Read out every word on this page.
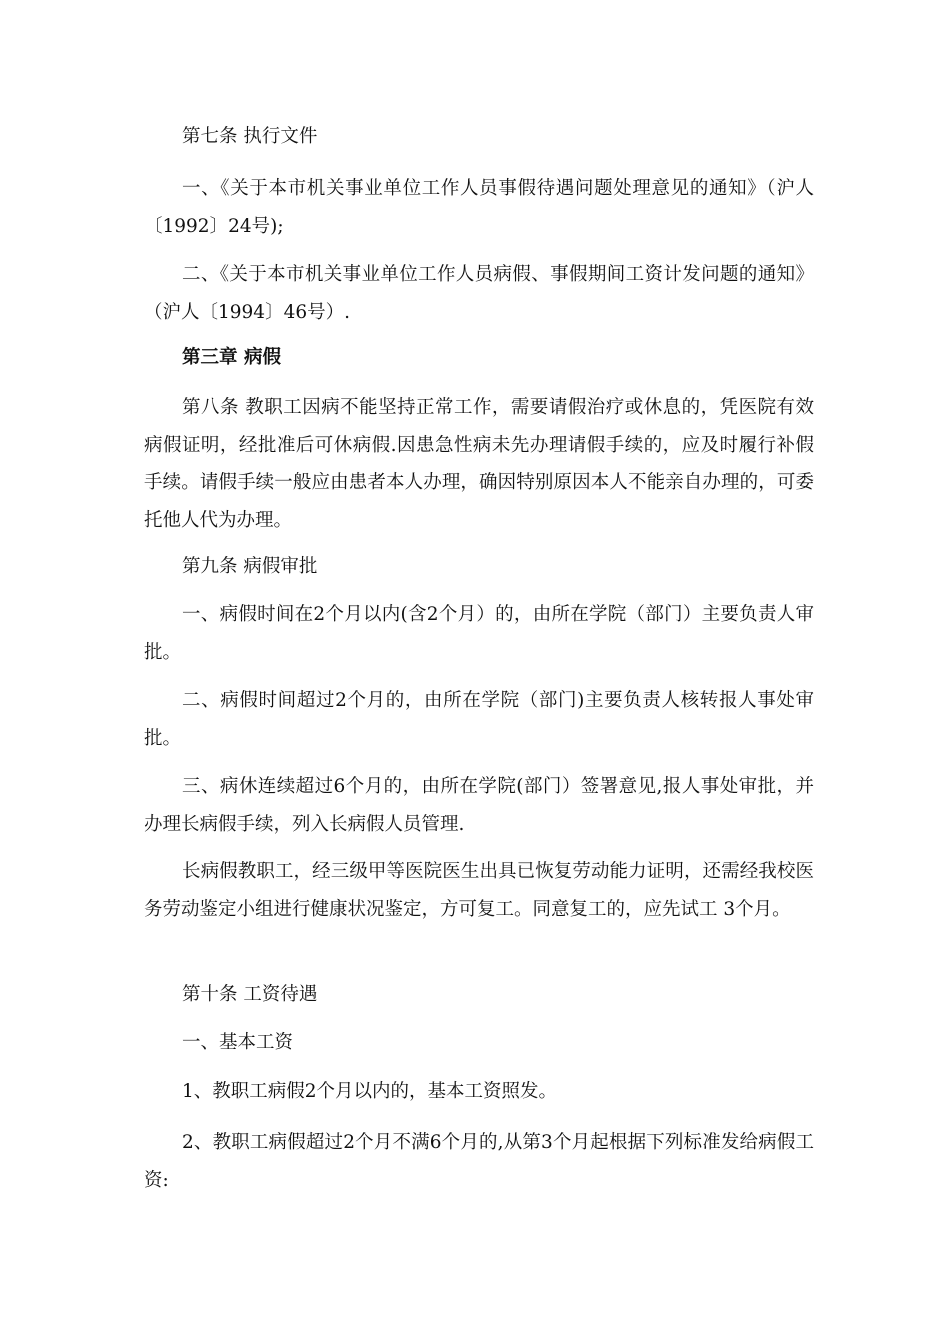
第七条 执行文件

一、《关于本市机关事业单位工作人员事假待遇问题处理意见的通知》（沪人〔1992〕24号);

二、《关于本市机关事业单位工作人员病假、事假期间工资计发问题的通知》（沪人〔1994〕46号）.

第三章 病假

第八条 教职工因病不能坚持正常工作，需要请假治疗或休息的，凭医院有效病假证明，经批准后可休病假.因患急性病未先办理请假手续的，应及时履行补假手续。请假手续一般应由患者本人办理，确因特别原因本人不能亲自办理的，可委托他人代为办理。

第九条 病假审批

一、病假时间在2个月以内(含2个月）的，由所在学院（部门）主要负责人审批。

二、病假时间超过2个月的，由所在学院（部门)主要负责人核转报人事处审批。

三、病休连续超过6个月的，由所在学院(部门）签署意见,报人事处审批，并办理长病假手续，列入长病假人员管理.

长病假教职工，经三级甲等医院医生出具已恢复劳动能力证明，还需经我校医务劳动鉴定小组进行健康状况鉴定，方可复工。同意复工的，应先试工 3个月。

第十条 工资待遇

一、基本工资

1、教职工病假2个月以内的，基本工资照发。

2、教职工病假超过2个月不满6个月的,从第3个月起根据下列标准发给病假工资:
